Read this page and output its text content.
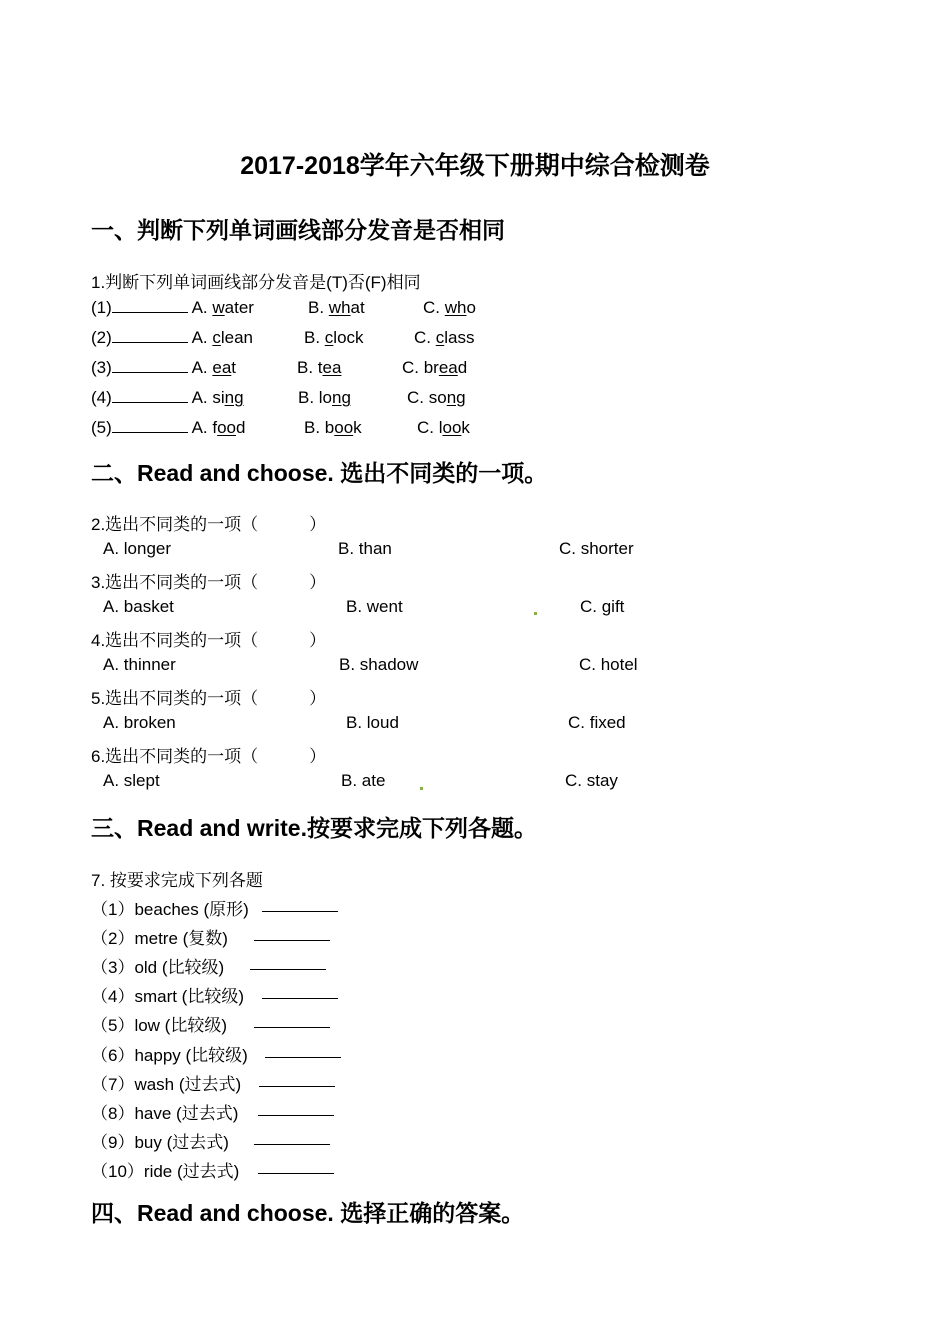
2017-2018学年六年级下册期中综合检测卷
一、判断下列单词画线部分发音是否相同
1.判断下列单词画线部分发音是(T)否(F)相同
(1)	A. water	B. what	C. who
(2)	A. clean	B. clock	C. class
(3)	A. eat	B. tea	C. bread
(4)	A. sing	B. long	C. song
(5)	A. food	B. book	C. look
二、Read and choose. 选出不同类的一项。
2.选出不同类的一项（　　　）
A. longer	B. than	C. shorter
3.选出不同类的一项（　　　）
A. basket	B. went	C. gift
4.选出不同类的一项（　　　）
A. thinner	B. shadow	C. hotel
5.选出不同类的一项（　　　）
A. broken	B. loud	C. fixed
6.选出不同类的一项（　　　）
A. slept	B. ate	C. stay
三、Read and write.按要求完成下列各题。
7. 按要求完成下列各题
（1）beaches (原形)
（2）metre (复数)
（3）old (比较级)
（4）smart (比较级)
（5）low (比较级)
（6）happy (比较级)
（7）wash (过去式)
（8）have (过去式)
（9）buy (过去式)
（10）ride (过去式)
四、Read and choose. 选择正确的答案。
